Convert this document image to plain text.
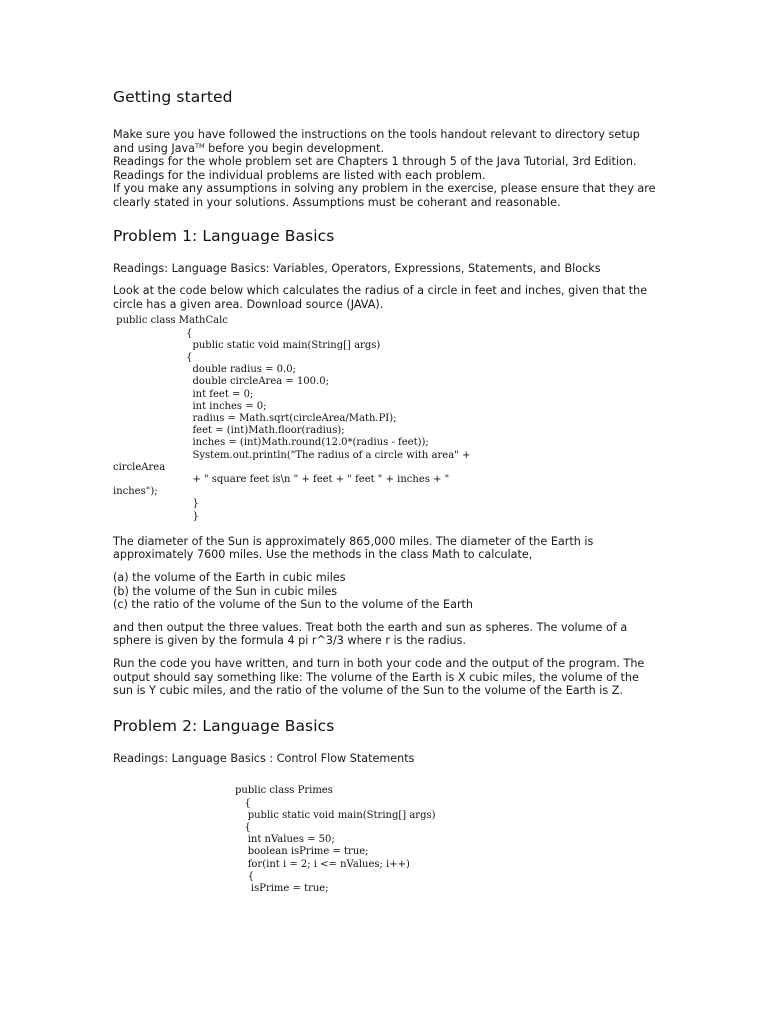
Getting started

Make sure you have followed the instructions on the tools handout relevant to directory setup and using Java™ before you begin development.

Readings for the whole problem set are Chapters 1 through 5 of the Java Tutorial, 3rd Edition. Readings for the individual problems are listed with each problem.

If you make any assumptions in solving any problem in the exercise, please ensure that they are clearly stated in your solutions. Assumptions must be coherant and reasonable.

Problem 1: Language Basics

Readings: Language Basics: Variables, Operators, Expressions, Statements, and Blocks

Look at the code below which calculates the radius of a circle in feet and inches, given that the circle has a given area. Download source (JAVA).

public class MathCalc
{
public static void main(String[] args)
{
double radius = 0.0;
double circleArea = 100.0;
int feet = 0;
int inches = 0;
radius = Math.sqrt(circleArea/Math.PI);
feet = (int)Math.floor(radius);
inches = (int)Math.round(12.0*(radius - feet));
System.out.println("The radius of a circle with area" +
circleArea
+ " square feet is\n " + feet + " feet " + inches + "
inches");
}
}

The diameter of the Sun is approximately 865,000 miles. The diameter of the Earth is approximately 7600 miles. Use the methods in the class Math to calculate,

(a) the volume of the Earth in cubic miles
(b) the volume of the Sun in cubic miles
(c) the ratio of the volume of the Sun to the volume of the Earth

and then output the three values. Treat both the earth and sun as spheres. The volume of a sphere is given by the formula 4 pi r^3/3 where r is the radius.

Run the code you have written, and turn in both your code and the output of the program. The output should say something like: The volume of the Earth is X cubic miles, the volume of the sun is Y cubic miles, and the ratio of the volume of the Sun to the volume of the Earth is Z.

Problem 2: Language Basics

Readings: Language Basics : Control Flow Statements

public class Primes
{
public static void main(String[] args)
{
int nValues = 50;
boolean isPrime = true;
for(int i = 2; i <= nValues; i++)
{
isPrime = true;
